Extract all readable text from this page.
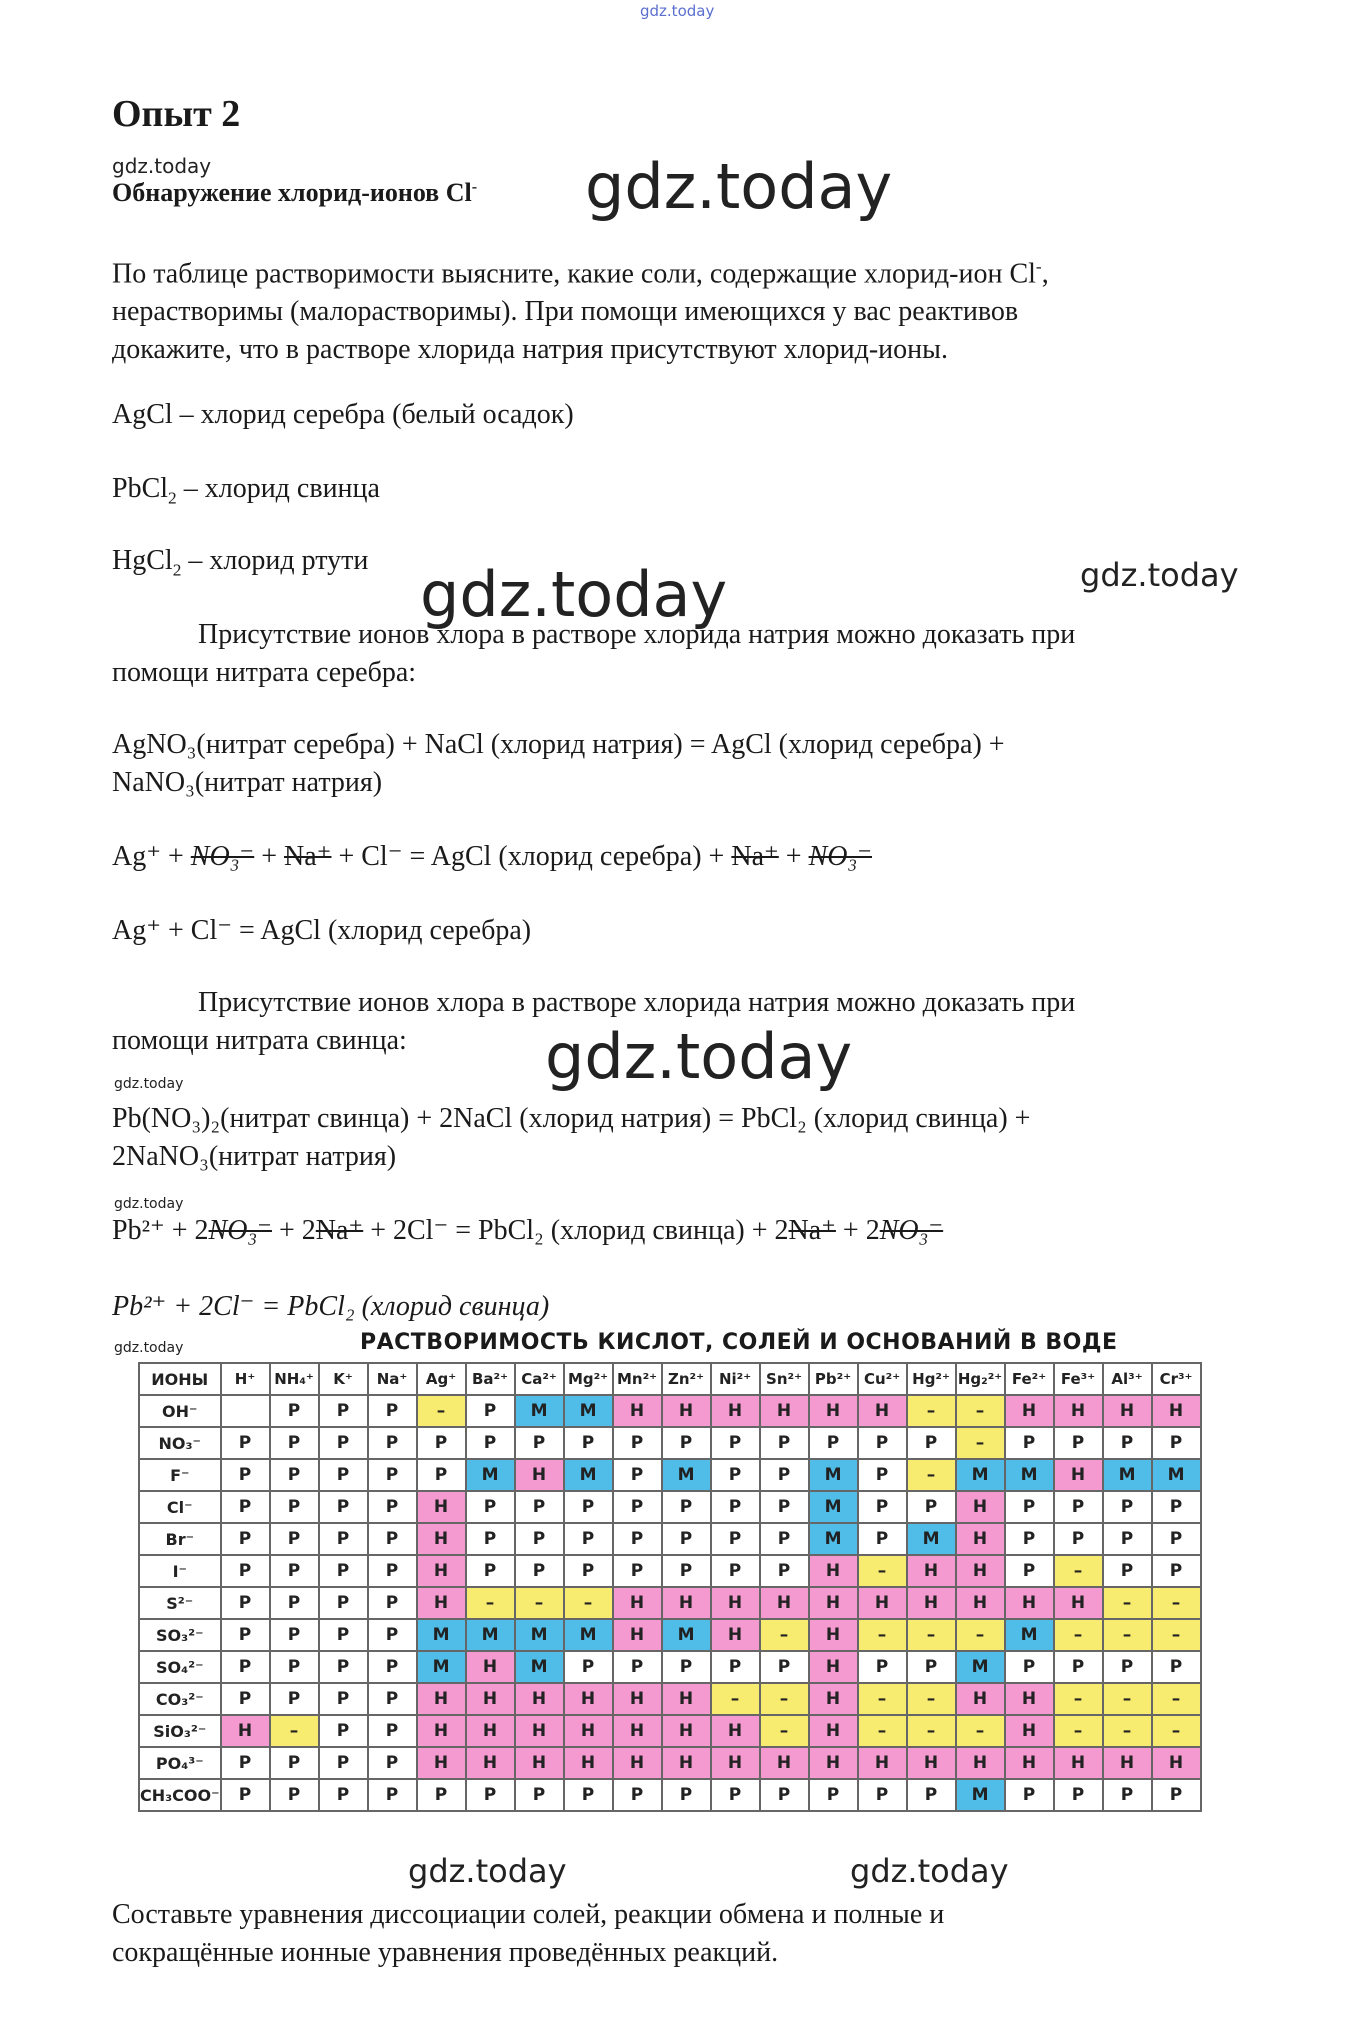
gdz.today
gdz.today	gdz.today
gdz.today	gdz.today
gdz.today
gdz.today
gdz.today
gdz.today
Опыт 2
Обнаружение хлорид-ионов Cl-
По таблице растворимости выясните, какие соли, содержащие хлорид-ион Cl-,
нерастворимы (малорастворимы). При помощи имеющихся у вас реактивов
докажите, что в растворе хлорида натрия присутствуют хлорид-ионы.
AgCl – хлорид серебра (белый осадок)
PbCl$_2$ – хлорид свинца
HgCl$_2$ – хлорид ртути
Присутствие ионов хлора в растворе хлорида натрия можно доказать при
помощи нитрата серебра:
AgNO₃(нитрат серебра) + NaCl (хлорид натрия) = AgCl (хлорид серебра) +
NaNO₃(нитрат натрия)
Ag⁺ + NO₃⁻ + Na⁺ + Cl⁻ = AgCl (хлорид серебра) + Na⁺ + NO₃⁻
Ag⁺ + Cl⁻ = AgCl (хлорид серебра)
Присутствие ионов хлора в растворе хлорида натрия можно доказать при
помощи нитрата свинца:
Pb(NO₃)₂(нитрат свинца) + 2NaCl (хлорид натрия) = PbCl₂ (хлорид свинца) +
2NaNO₃(нитрат натрия)
Pb²⁺ + 2NO₃⁻ + 2Na⁺ + 2Cl⁻ = PbCl₂ (хлорид свинца) + 2Na⁺ + 2NO₃⁻
Pb²⁺ + 2Cl⁻ = PbCl₂ (хлорид свинца)
РАСТВОРИМОСТЬ КИСЛОТ, СОЛЕЙ И ОСНОВАНИЙ В ВОДЕ
ИОНЫ	H⁺	NH₄⁺	K⁺	Na⁺	Ag⁺	Ba²⁺	Ca²⁺	Mg²⁺	Mn²⁺	Zn²⁺	Ni²⁺	Sn²⁺	Pb²⁺	Cu²⁺	Hg²⁺	Hg₂²⁺	Fe²⁺	Fe³⁺	Al³⁺	Cr³⁺
OH⁻		Р	Р	Р	–	Р	М	М	Н	Н	Н	Н	Н	Н	–	–	Н	Н	Н	Н
NO₃⁻	Р	Р	Р	Р	Р	Р	Р	Р	Р	Р	Р	Р	Р	Р	Р	–	Р	Р	Р	Р
F⁻	Р	Р	Р	Р	Р	М	Н	М	Р	М	Р	Р	М	Р	–	М	М	Н	М	М
Cl⁻	Р	Р	Р	Р	Н	Р	Р	Р	Р	Р	Р	Р	М	Р	Р	Н	Р	Р	Р	Р
Br⁻	Р	Р	Р	Р	Н	Р	Р	Р	Р	Р	Р	Р	М	Р	М	Н	Р	Р	Р	Р
I⁻	Р	Р	Р	Р	Н	Р	Р	Р	Р	Р	Р	Р	Н	–	Н	Н	Р	–	Р	Р
S²⁻	Р	Р	Р	Р	Н	–	–	–	Н	Н	Н	Н	Н	Н	Н	Н	Н	Н	–	–
SO₃²⁻	Р	Р	Р	Р	М	М	М	М	Н	М	Н	–	Н	–	–	–	М	–	–	–
SO₄²⁻	Р	Р	Р	Р	М	Н	М	Р	Р	Р	Р	Р	Н	Р	Р	М	Р	Р	Р	Р
CO₃²⁻	Р	Р	Р	Р	Н	Н	Н	Н	Н	Н	–	–	Н	–	–	Н	Н	–	–	–
SiO₃²⁻	Н	–	Р	Р	Н	Н	Н	Н	Н	Н	Н	–	Н	–	–	–	Н	–	–	–
PO₄³⁻	Р	Р	Р	Р	Н	Н	Н	Н	Н	Н	Н	Н	Н	Н	Н	Н	Н	Н	Н	Н
CH₃COO⁻	Р	Р	Р	Р	Р	Р	Р	Р	Р	Р	Р	Р	Р	Р	Р	М	Р	Р	Р	Р
gdz.today	gdz.today
Составьте уравнения диссоциации солей, реакции обмена и полные и
сокращённые ионные уравнения проведённых реакций.
